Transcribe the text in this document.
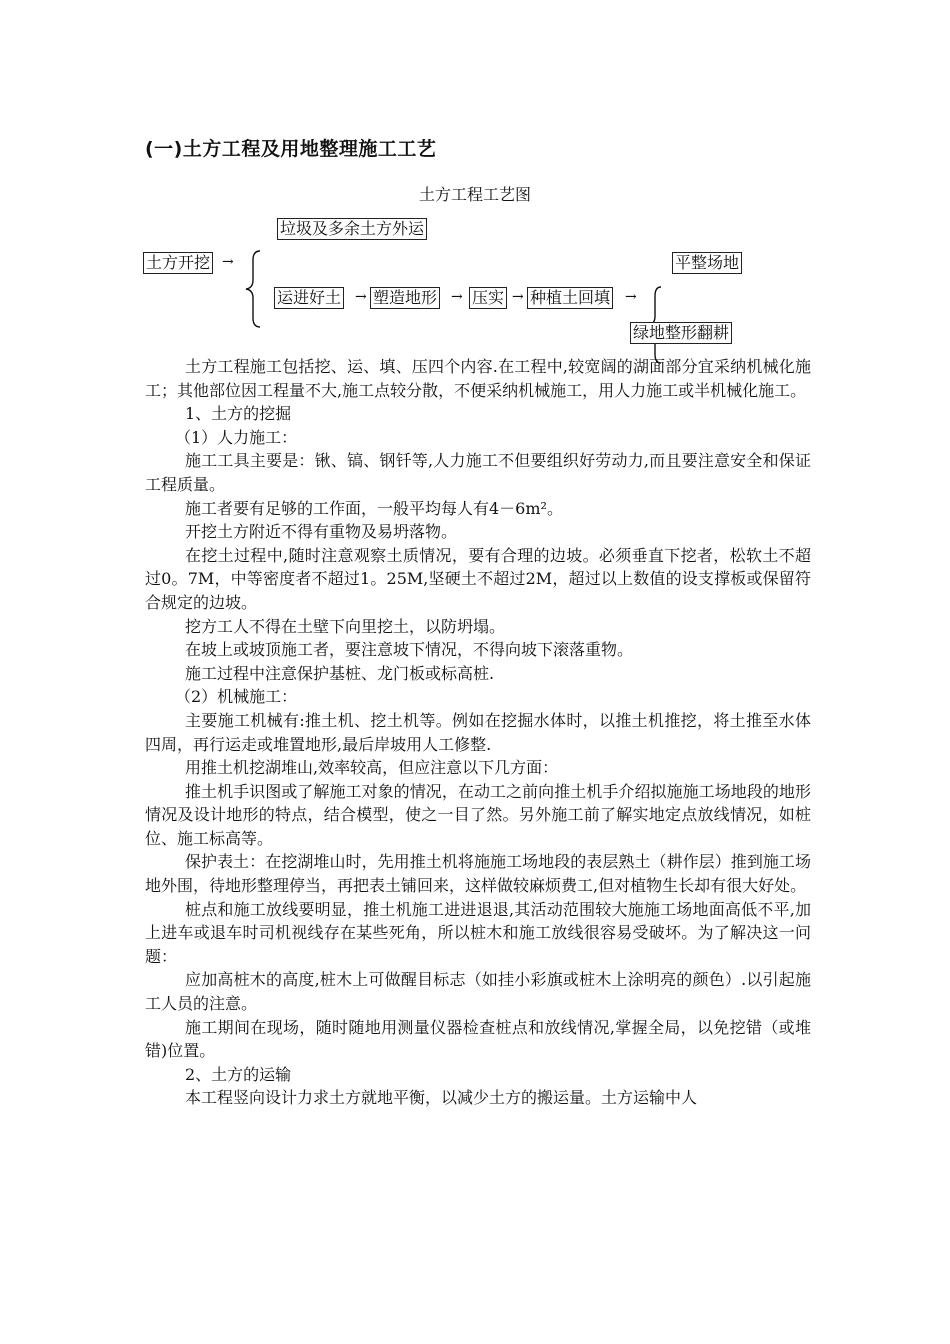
(一)土方工程及用地整理施工工艺
土方工程工艺图
垃圾及多余土方外运
土方开挖 →	平整场地
运进好土 → 塑造地形 → 压实 → 种植土回填 →
绿地整形翻耕

土方工程施工包括挖、运、填、压四个内容.在工程中,较宽阔的湖面部分宜采纳机械化施工；其他部位因工程量不大,施工点较分散，不便采纳机械施工，用人力施工或半机械化施工。

1、土方的挖掘

（1）人力施工：

施工工具主要是：锹、镐、钢钎等,人力施工不但要组织好劳动力,而且要注意安全和保证工程质量。

施工者要有足够的工作面，一般平均每人有4－6m²。

开挖土方附近不得有重物及易坍落物。

在挖土过程中,随时注意观察土质情况，要有合理的边坡。必须垂直下挖者，松软土不超过0。7M，中等密度者不超过1。25M,坚硬土不超过2M，超过以上数值的设支撑板或保留符合规定的边坡。

挖方工人不得在土壁下向里挖土，以防坍塌。

在坡上或坡顶施工者，要注意坡下情况，不得向坡下滚落重物。

施工过程中注意保护基桩、龙门板或标高桩.

（2）机械施工：

主要施工机械有:推土机、挖土机等。例如在挖掘水体时，以推土机推挖，将土推至水体四周，再行运走或堆置地形,最后岸坡用人工修整.

用推土机挖湖堆山,效率较高，但应注意以下几方面：

推土机手识图或了解施工对象的情况，在动工之前向推土机手介绍拟施施工场地段的地形情况及设计地形的特点，结合模型，使之一目了然。另外施工前了解实地定点放线情况，如桩位、施工标高等。

保护表土：在挖湖堆山时，先用推土机将施施工场地段的表层熟土（耕作层）推到施工场地外围，待地形整理停当，再把表土铺回来，这样做较麻烦费工,但对植物生长却有很大好处。

桩点和施工放线要明显，推土机施工进进退退,其活动范围较大施施工场地面高低不平,加上进车或退车时司机视线存在某些死角，所以桩木和施工放线很容易受破坏。为了解决这一问题：

应加高桩木的高度,桩木上可做醒目标志（如挂小彩旗或桩木上涂明亮的颜色）.以引起施工人员的注意。

施工期间在现场，随时随地用测量仪器检查桩点和放线情况,掌握全局，以免挖错（或堆错)位置。

2、土方的运输

本工程竖向设计力求土方就地平衡，以减少土方的搬运量。土方运输中人
